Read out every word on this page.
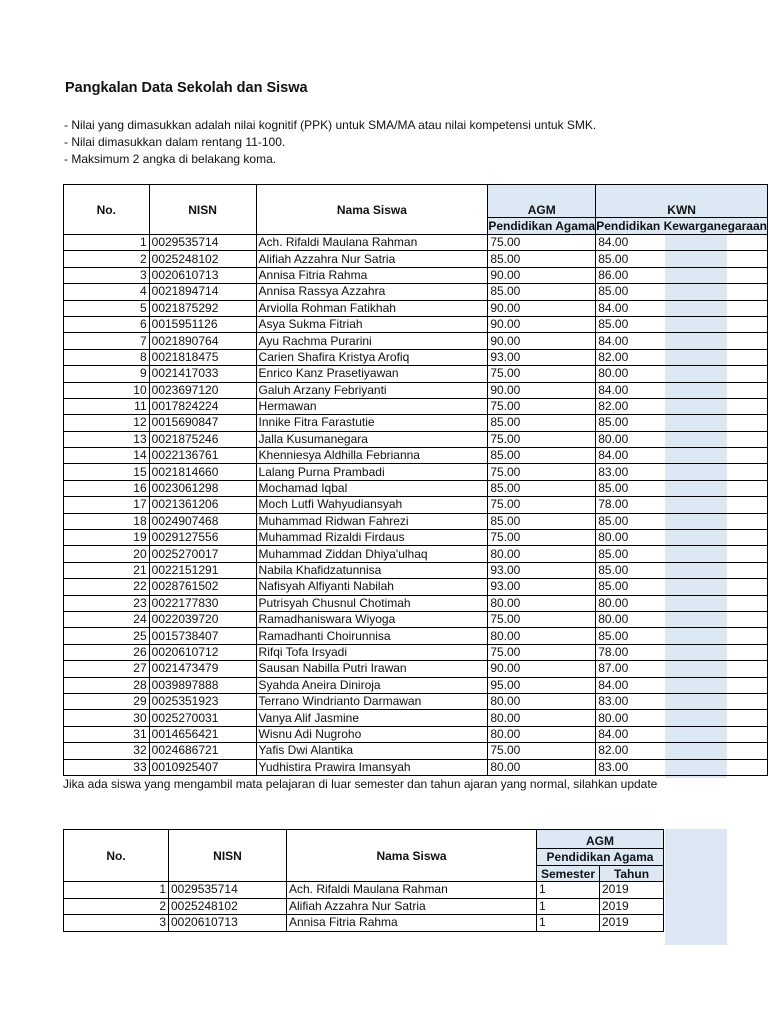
Pangkalan Data Sekolah dan Siswa
- Nilai yang dimasukkan adalah nilai kognitif (PPK) untuk SMA/MA atau nilai kompetensi untuk SMK.
- Nilai dimasukkan dalam rentang 11-100.
- Maksimum 2 angka di belakang koma.
No.	NISN	Nama Siswa	AGM	KWN
			Pendidikan Agama	Pendidikan Kewarganegaraan
1	0029535714	Ach. Rifaldi Maulana Rahman	75.00	84.00
2	0025248102	Alifiah Azzahra Nur Satria	85.00	85.00
3	0020610713	Annisa Fitria Rahma	90.00	86.00
4	0021894714	Annisa Rassya Azzahra	85.00	85.00
5	0021875292	Arviolla Rohman Fatikhah	90.00	84.00
6	0015951126	Asya Sukma Fitriah	90.00	85.00
7	0021890764	Ayu Rachma Purarini	90.00	84.00
8	0021818475	Carien Shafira Kristya Arofiq	93.00	82.00
9	0021417033	Enrico Kanz Prasetiyawan	75.00	80.00
10	0023697120	Galuh Arzany Febriyanti	90.00	84.00
11	0017824224	Hermawan	75.00	82.00
12	0015690847	Innike Fitra Farastutie	85.00	85.00
13	0021875246	Jalla Kusumanegara	75.00	80.00
14	0022136761	Khenniesya Aldhilla Febrianna	85.00	84.00
15	0021814660	Lalang Purna Prambadi	75.00	83.00
16	0023061298	Mochamad Iqbal	85.00	85.00
17	0021361206	Moch Lutfi Wahyudiansyah	75.00	78.00
18	0024907468	Muhammad Ridwan Fahrezi	85.00	85.00
19	0029127556	Muhammad Rizaldi Firdaus	75.00	80.00
20	0025270017	Muhammad Ziddan Dhiya'ulhaq	80.00	85.00
21	0022151291	Nabila Khafidzatunnisa	93.00	85.00
22	0028761502	Nafisyah Alfiyanti Nabilah	93.00	85.00
23	0022177830	Putrisyah Chusnul Chotimah	80.00	80.00
24	0022039720	Ramadhaniswara Wiyoga	75.00	80.00
25	0015738407	Ramadhanti Choirunnisa	80.00	85.00
26	0020610712	Rifqi Tofa Irsyadi	75.00	78.00
27	0021473479	Sausan Nabilla Putri Irawan	90.00	87.00
28	0039897888	Syahda Aneira Diniroja	95.00	84.00
29	0025351923	Terrano Windrianto Darmawan	80.00	83.00
30	0025270031	Vanya Alif Jasmine	80.00	80.00
31	0014656421	Wisnu Adi Nugroho	80.00	84.00
32	0024686721	Yafis Dwi Alantika	75.00	82.00
33	0010925407	Yudhistira Prawira Imansyah	80.00	83.00
Jika ada siswa yang mengambil mata pelajaran di luar semester dan tahun ajaran yang normal, silahkan update
No.	NISN	Nama Siswa	AGM	
			Pendidikan Agama	
			Semester	Tahun
1	0029535714	Ach. Rifaldi Maulana Rahman	1	2019
2	0025248102	Alifiah Azzahra Nur Satria	1	2019
3	0020610713	Annisa Fitria Rahma	1	2019
